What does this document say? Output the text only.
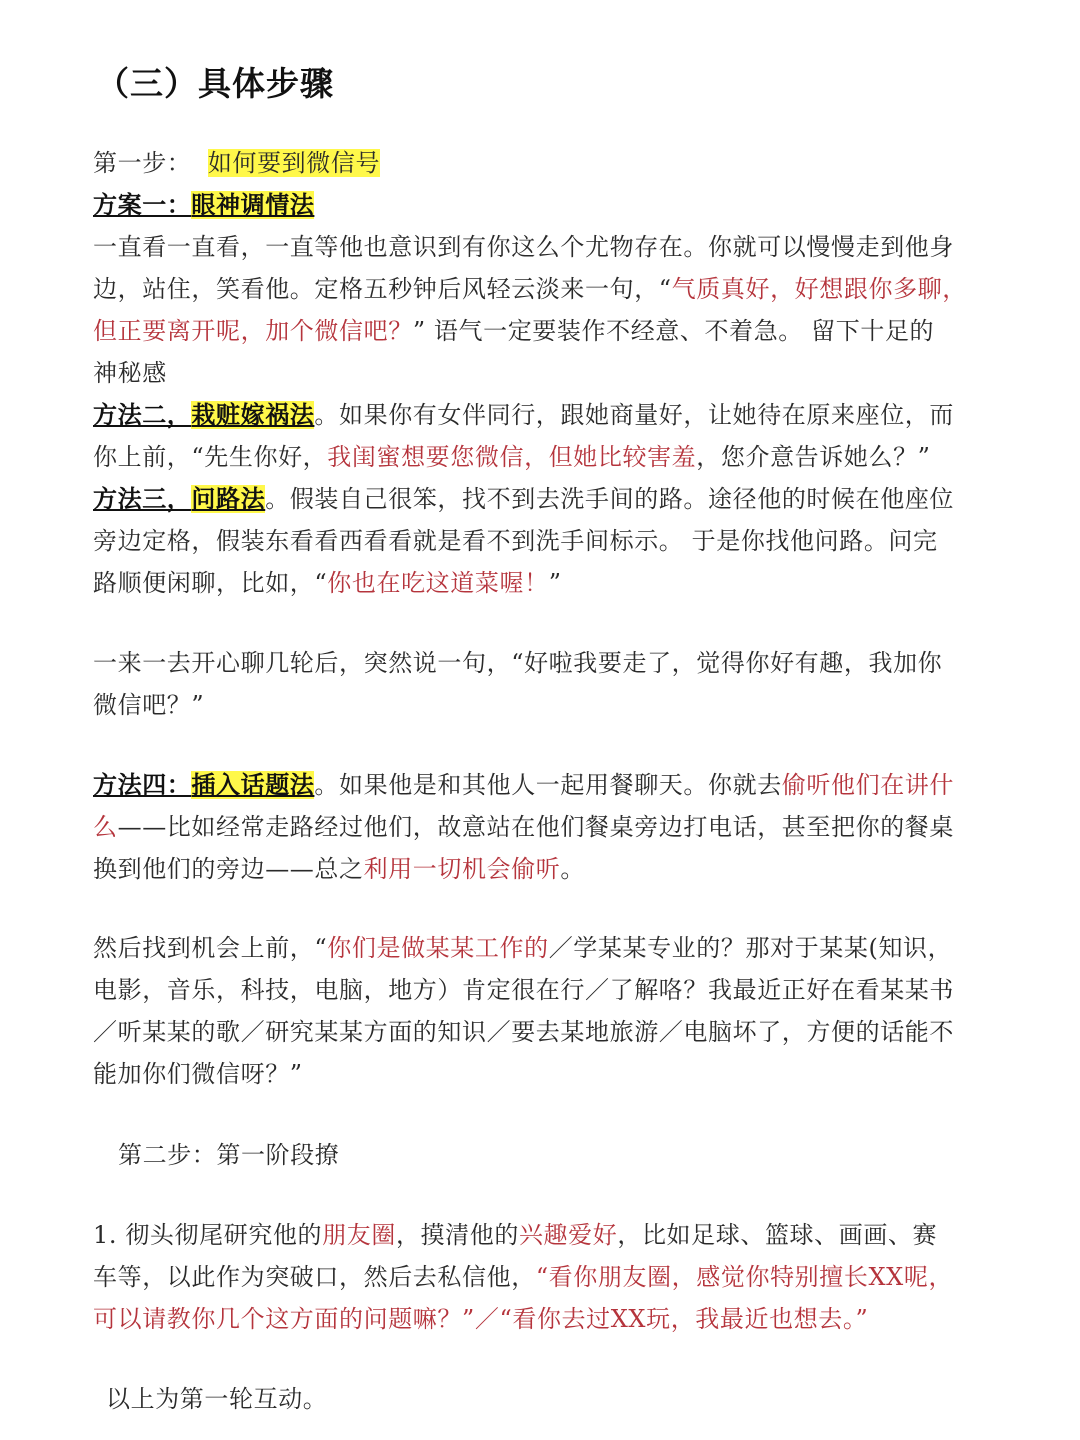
（三）具体步骤
第一步： 如何要到微信号
方案一：眼神调情法
一直看一直看，一直等他也意识到有你这么个尤物存在。你就可以慢慢走到他身
边，站住，笑看他。定格五秒钟后风轻云淡来一句，“气质真好，好想跟你多聊，
但正要离开呢，加个微信吧？” 语气一定要装作不经意、不着急。 留下十足的
神秘感
方法二，栽赃嫁祸法。如果你有女伴同行，跟她商量好，让她待在原来座位，而
你上前，“先生你好，我闺蜜想要您微信，但她比较害羞，您介意告诉她么？”
方法三，问路法。假装自己很笨，找不到去洗手间的路。途径他的时候在他座位
旁边定格，假装东看看西看看就是看不到洗手间标示。 于是你找他问路。问完
路顺便闲聊，比如，“你也在吃这道菜喔！”
一来一去开心聊几轮后，突然说一句，“好啦我要走了，觉得你好有趣，我加你
微信吧？”
方法四：插入话题法。如果他是和其他人一起用餐聊天。你就去偷听他们在讲什
么——比如经常走路经过他们，故意站在他们餐桌旁边打电话，甚至把你的餐桌
换到他们的旁边——总之利用一切机会偷听。
然后找到机会上前，“你们是做某某工作的／学某某专业的？那对于某某(知识，
电影，音乐，科技，电脑，地方）肯定很在行／了解咯？我最近正好在看某某书
／听某某的歌／研究某某方面的知识／要去某地旅游／电脑坏了，方便的话能不
能加你们微信呀？”
第二步：第一阶段撩
1. 彻头彻尾研究他的朋友圈，摸清他的兴趣爱好，比如足球、篮球、画画、赛
车等，以此作为突破口，然后去私信他，“看你朋友圈，感觉你特别擅长XX呢，
可以请教你几个这方面的问题嘛？”／“看你去过XX玩，我最近也想去。”
以上为第一轮互动。
